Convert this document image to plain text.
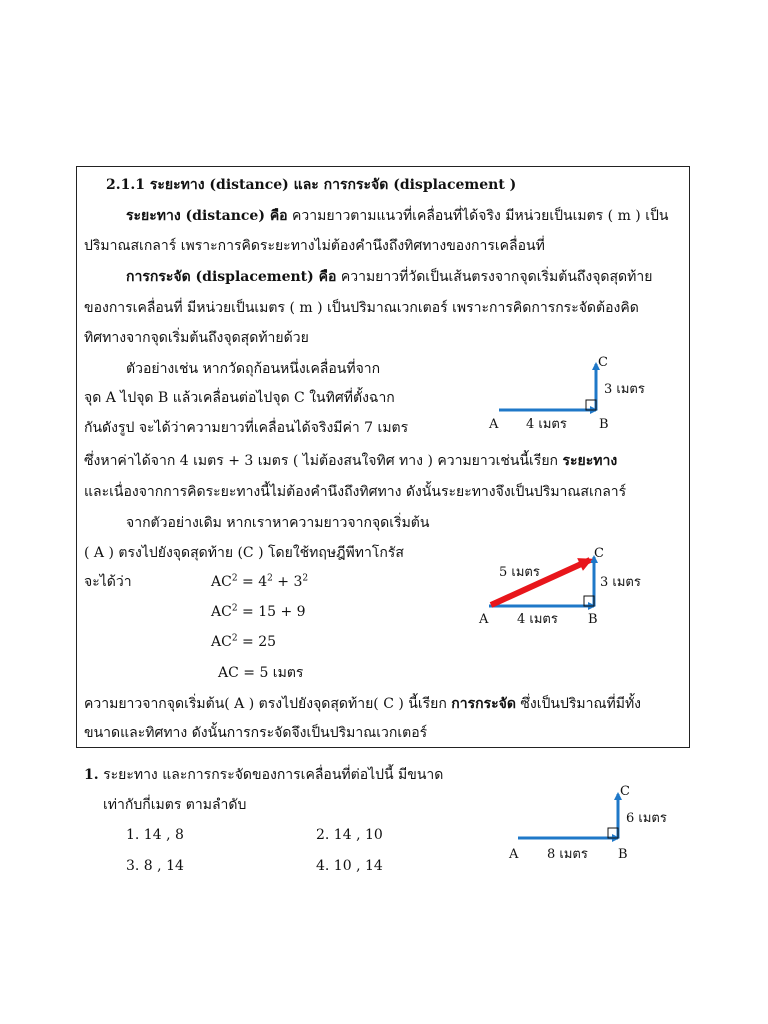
2.1.1 ระยะทาง (distance) และ การกระจัด (displacement )
ระยะทาง (distance) คือ ความยาวตามแนวที่เคลื่อนที่ได้จริง มีหน่วยเป็นเมตร ( m ) เป็น
ปริมาณสเกลาร์ เพราะการคิดระยะทางไม่ต้องคำนึงถึงทิศทางของการเคลื่อนที่
การกระจัด (displacement) คือ ความยาวที่วัดเป็นเส้นตรงจากจุดเริ่มต้นถึงจุดสุดท้าย
ของการเคลื่อนที่ มีหน่วยเป็นเมตร ( m ) เป็นปริมาณเวกเตอร์ เพราะการคิดการกระจัดต้องคิด
ทิศทางจากจุดเริ่มต้นถึงจุดสุดท้ายด้วย
ตัวอย่างเช่น หากวัดถุก้อนหนึ่งเคลื่อนที่จาก
จุด A ไปจุด B แล้วเคลื่อนต่อไปจุด C ในทิศที่ตั้งฉาก
กันดังรูป จะได้ว่าความยาวที่เคลื่อนได้จริงมีค่า 7 เมตร
ซึ่งหาค่าได้จาก 4 เมตร + 3 เมตร ( ไม่ต้องสนใจทิศ ทาง ) ความยาวเช่นนี้เรียก ระยะทาง
และเนื่องจากการคิดระยะทางนี้ไม่ต้องคำนึงถึงทิศทาง ดังนั้นระยะทางจึงเป็นปริมาณสเกลาร์
จากตัวอย่างเดิม หากเราหาความยาวจากจุดเริ่มต้น
( A ) ตรงไปยังจุดสุดท้าย (C ) โดยใช้ทฤษฎีพีทาโกรัส
จะได้ว่า	$AC^2 = 4^2 + 3^2$
$AC^2 = 15 + 9$
$AC^2 = 25$
AC = 5 เมตร
ความยาวจากจุดเริ่มต้น( A ) ตรงไปยังจุดสุดท้าย( C ) นี้เรียก การกระจัด ซึ่งเป็นปริมาณที่มีทั้ง
ขนาดและทิศทาง ดังนั้นการกระจัดจึงเป็นปริมาณเวกเตอร์
C
3 เมตร
A 4 เมตร B
C
5 เมตร
3 เมตร
A 4 เมตร B
1. ระยะทาง และการกระจัดของการเคลื่อนที่ต่อไปนี้ มีขนาด
เท่ากับกี่เมตร ตามลำดับ
1. 14 , 8	2. 14 , 10
3. 8 , 14	4. 10 , 14
C
6 เมตร
A 8 เมตร B
